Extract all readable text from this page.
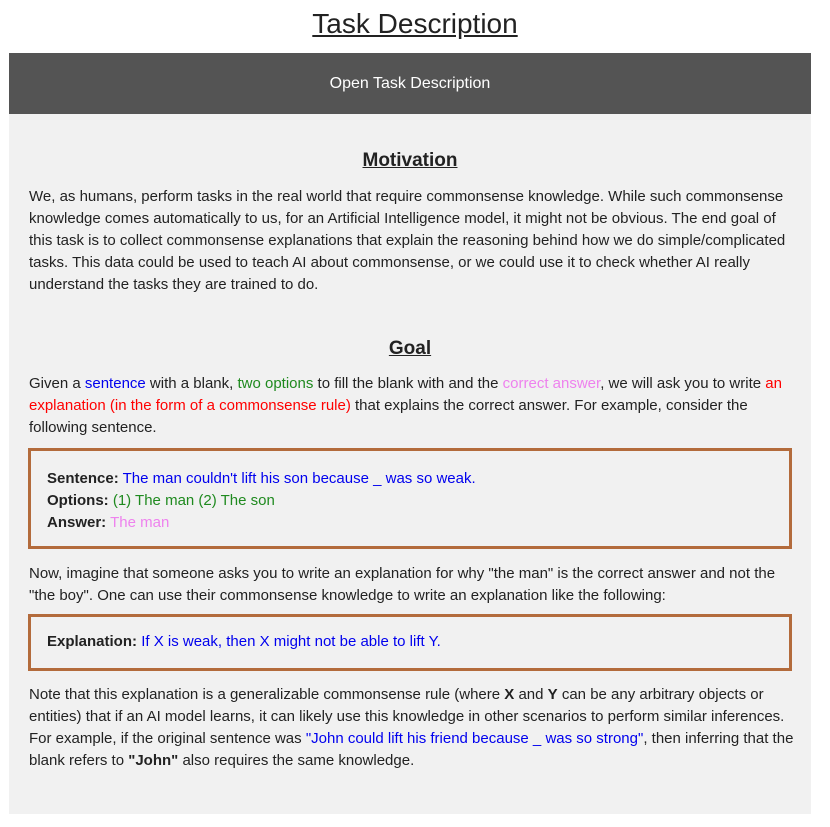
Task Description
Open Task Description
Motivation

We, as humans, perform tasks in the real world that require commonsense knowledge. While such commonsense knowledge comes automatically to us, for an Artificial Intelligence model, it might not be obvious. The end goal of this task is to collect commonsense explanations that explain the reasoning behind how we do simple/complicated tasks. This data could be used to teach AI about commonsense, or we could use it to check whether AI really understand the tasks they are trained to do.

Goal

Given a sentence with a blank, two options to fill the blank with and the correct answer, we will ask you to write an explanation (in the form of a commonsense rule) that explains the correct answer. For example, consider the following sentence.

Sentence: The man couldn't lift his son because _ was so weak.
Options: (1) The man (2) The son
Answer: The man

Now, imagine that someone asks you to write an explanation for why "the man" is the correct answer and not the "the boy". One can use their commonsense knowledge to write an explanation like the following:

Explanation: If X is weak, then X might not be able to lift Y.

Note that this explanation is a generalizable commonsense rule (where X and Y can be any arbitrary objects or entities) that if an AI model learns, it can likely use this knowledge in other scenarios to perform similar inferences. For example, if the original sentence was "John could lift his friend because _ was so strong", then inferring that the blank refers to "John" also requires the same knowledge.
